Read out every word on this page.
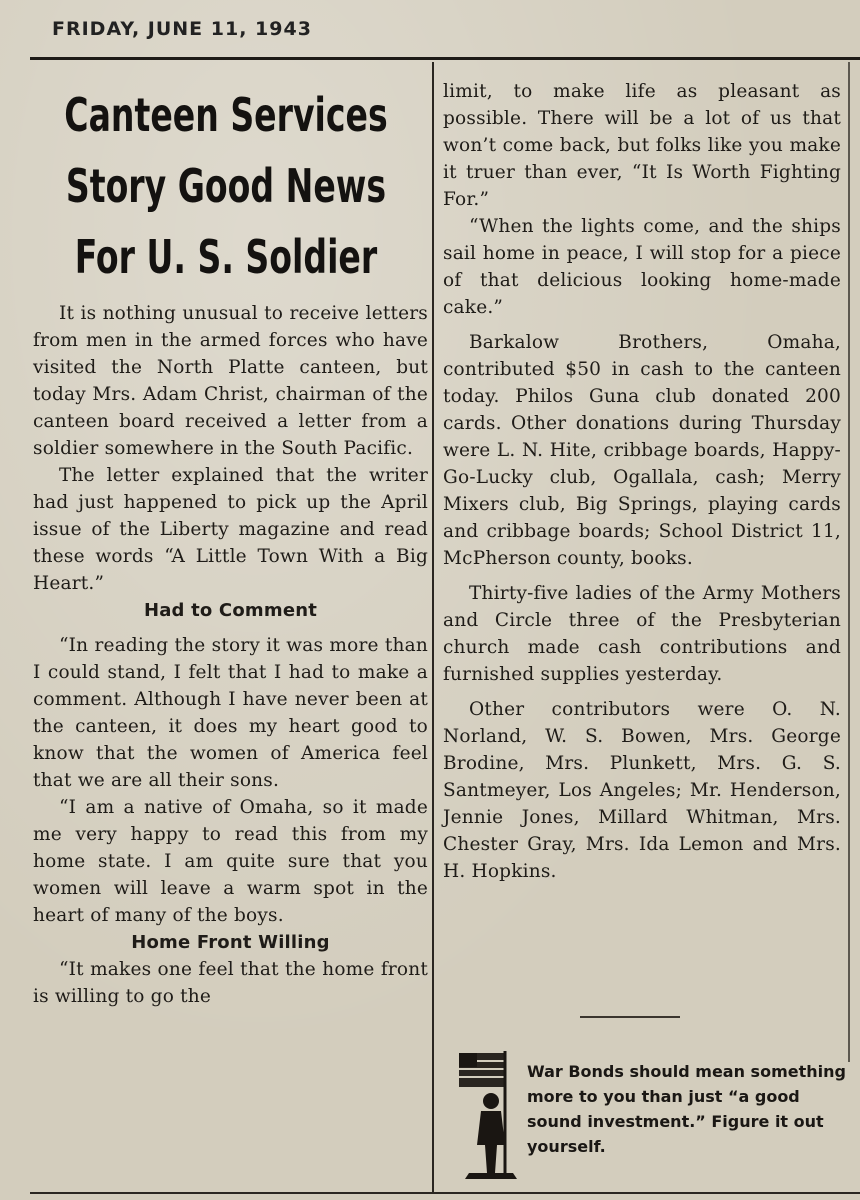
FRIDAY, JUNE 11, 1943
Canteen Services
Story Good News
For U. S. Soldier

It is nothing unusual to receive letters from men in the armed forces who have visited the North Platte canteen, but today Mrs. Adam Christ, chairman of the canteen board received a letter from a soldier somewhere in the South Pacific.

The letter explained that the writer had just happened to pick up the April issue of the Liberty magazine and read these words “A Little Town With a Big Heart.”

Had to Comment

“In reading the story it was more than I could stand, I felt that I had to make a comment. Although I have never been at the canteen, it does my heart good to know that the women of America feel that we are all their sons.

“I am a native of Omaha, so it made me very happy to read this from my home state. I am quite sure that you women will leave a warm spot in the heart of many of the boys.

Home Front Willing

“It makes one feel that the home front is willing to go the

limit, to make life as pleasant as possible. There will be a lot of us that won’t come back, but folks like you make it truer than ever, “It Is Worth Fighting For.”

“When the lights come, and the ships sail home in peace, I will stop for a piece of that delicious looking home-made cake.”

Barkalow Brothers, Omaha, contributed $50 in cash to the canteen today. Philos Guna club donated 200 cards. Other donations during Thursday were L. N. Hite, cribbage boards, Happy-Go-Lucky club, Ogallala, cash; Merry Mixers club, Big Springs, playing cards and cribbage boards; School District 11, McPherson county, books.

Thirty-five ladies of the Army Mothers and Circle three of the Presbyterian church made cash contributions and furnished supplies yesterday.

Other contributors were O. N. Norland, W. S. Bowen, Mrs. George Brodine, Mrs. Plunkett, Mrs. G. S. Santmeyer, Los Angeles; Mr. Henderson, Jennie Jones, Millard Whitman, Mrs. Chester Gray, Mrs. Ida Lemon and Mrs. H. Hopkins.

War Bonds should mean something more to you than just “a good sound investment.” Figure it out yourself.
